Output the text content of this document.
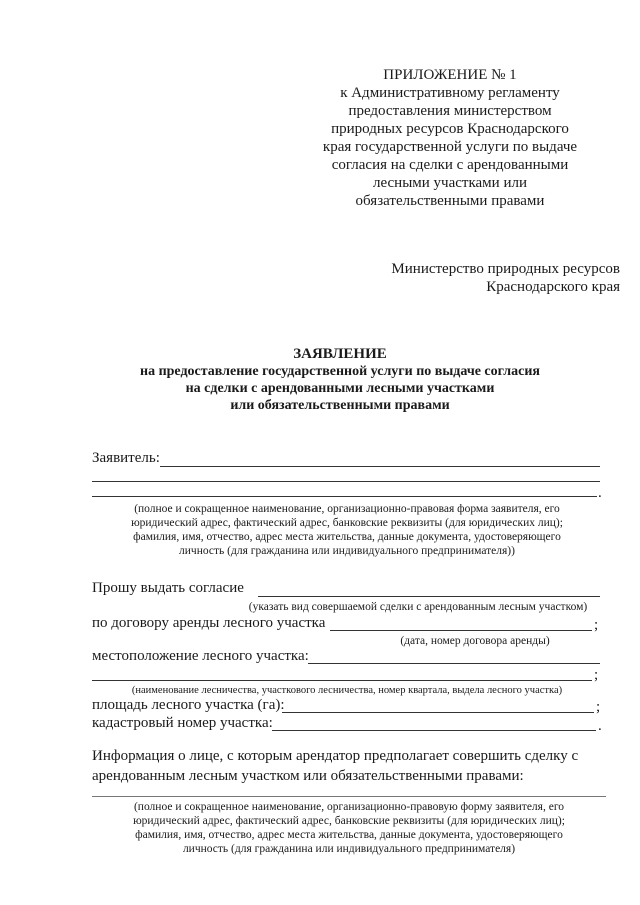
ПРИЛОЖЕНИЕ № 1
к Административному регламенту
предоставления министерством
природных ресурсов Краснодарского
края государственной услуги по выдаче
согласия на сделки с арендованными
лесными участками или
обязательственными правами
Министерство природных ресурсов
Краснодарского края
ЗАЯВЛЕНИЕ
на предоставление государственной услуги по выдаче согласия
на сделки с арендованными лесными участками
или обязательственными правами
Заявитель:
.
(полное и сокращенное наименование, организационно-правовая форма заявителя, его
юридический адрес, фактический адрес, банковские реквизиты (для юридических лиц);
фамилия, имя, отчество, адрес места жительства, данные документа, удостоверяющего
личность (для гражданина или индивидуального предпринимателя))
Прошу выдать согласие
(указать вид совершаемой сделки с арендованным лесным участком)
по договору аренды лесного участка	;
(дата, номер договора аренды)
местоположение лесного участка:
;
(наименование лесничества, участкового лесничества, номер квартала, выдела лесного участка)
площадь лесного участка (га):	;
кадастровый номер участка:	.
Информация о лице, с которым арендатор предполагает совершить сделку с
арендованным лесным участком или обязательственными правами:
(полное и сокращенное наименование, организационно-правовую форму заявителя, его
юридический адрес, фактический адрес, банковские реквизиты (для юридических лиц);
фамилия, имя, отчество, адрес места жительства, данные документа, удостоверяющего
личность (для гражданина или индивидуального предпринимателя)
